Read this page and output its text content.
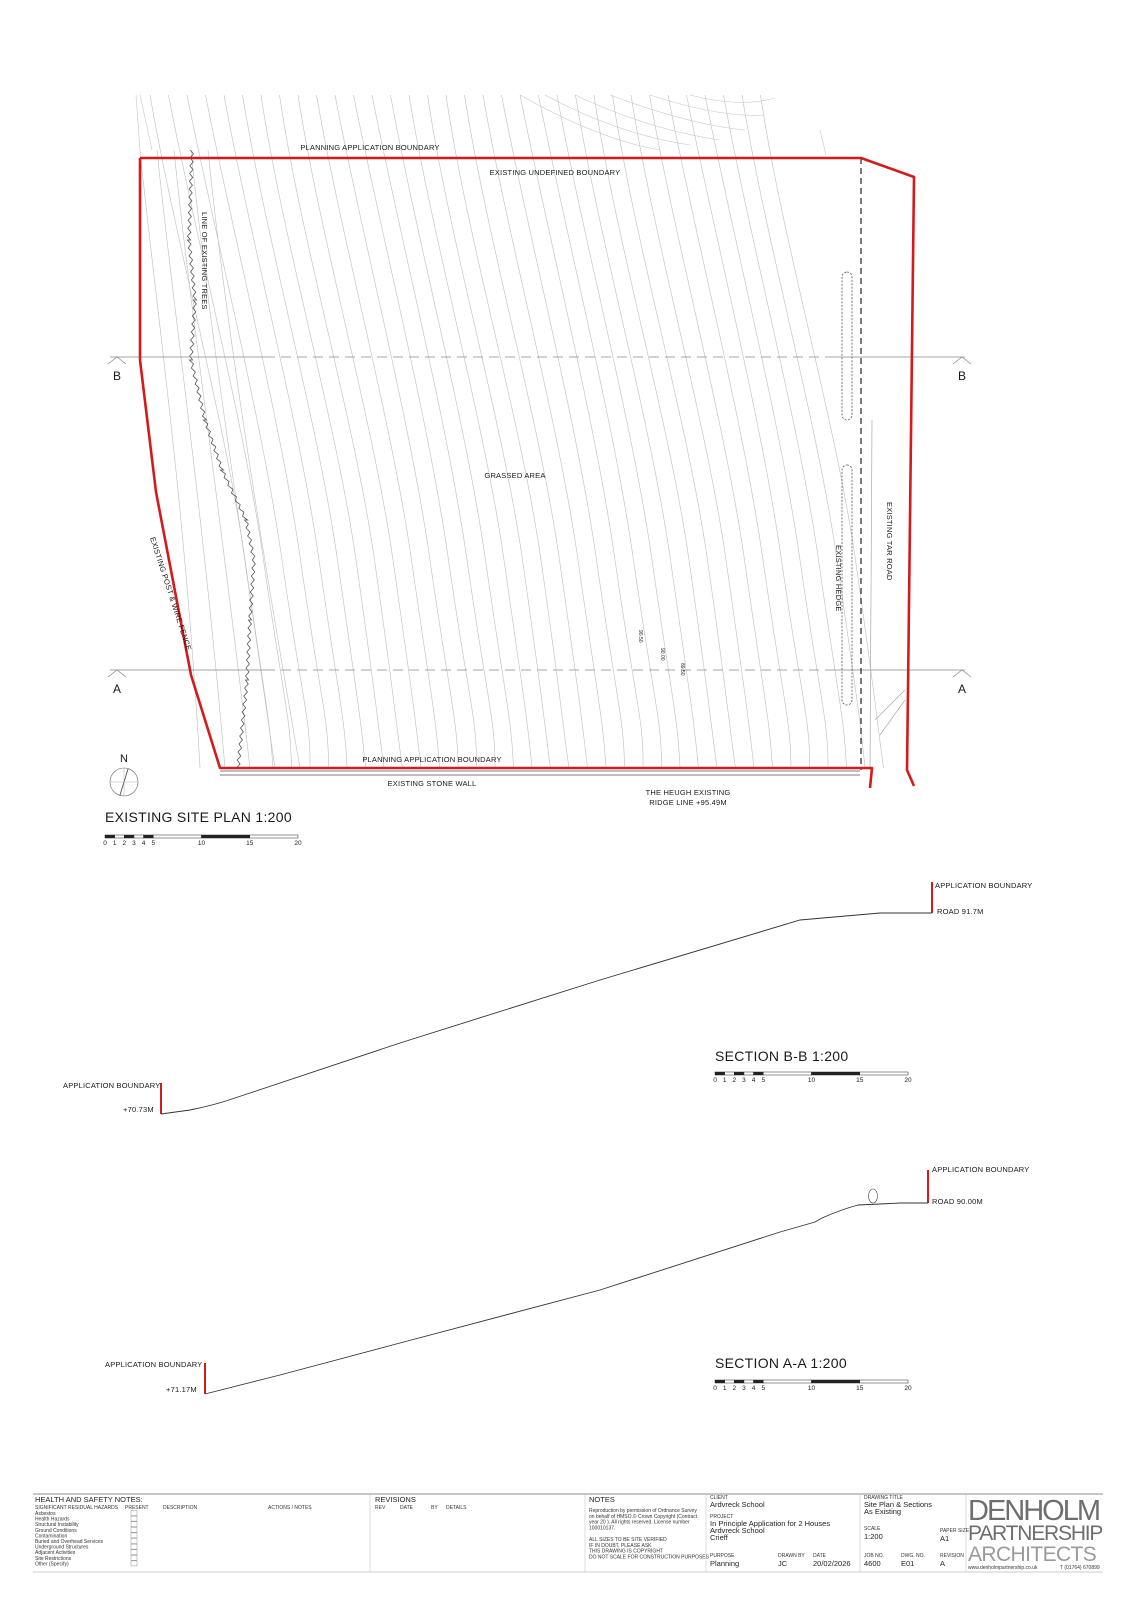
N
PLANNING APPLICATION BOUNDARY
EXISTING UNDEFINED BOUNDARY
LINE OF EXISTING TREES
GRASSED AREA
EXISTING POST & WIRE FENCE	EXISTING HEDGE	EXISTING TAR ROAD
PLANNING APPLICATION BOUNDARY
EXISTING STONE WALL
THE HEUGH EXISTING
RIDGE LINE +95.49M
B	B
A	A
90.50
90.00
89.50
EXISTING SITE PLAN 1:200
0 1 2 3 4 5	10	15	20
APPLICATION BOUNDARY
ROAD 91.7M
APPLICATION BOUNDARY
+70.73M
SECTION B-B 1:200
0 1 2 3 4 5	10	15	20
APPLICATION BOUNDARY
ROAD 90.00M
APPLICATION BOUNDARY
+71.17M
SECTION A-A 1:200
0 1 2 3 4 5	10	15	20
HEALTH AND SAFETY NOTES:
SIGNIFICANT RESIDUAL HAZARDS PRESENT	DESCRIPTION	ACTIONS / NOTES
Asbestos
Health Hazards
Structural Instability
Ground Conditions
Contamination
Buried and Overhead Services
Underground Structures
Adjacent Activities
Site Restrictions
Other (Specify)
REVISIONS
REV	DATE	BY DETAILS
NOTES
Reproduction by permission of Ordnance Survey
on behalf of HMSO.© Crown Copyright (Contract
year 20 ). All rights reserved. License number
100010137.
ALL SIZES TO BE SITE VERIFIED
IF IN DOUBT, PLEASE ASK
THIS DRAWING IS COPYRIGHT
DO NOT SCALE FOR CONSTRUCTION PURPOSES
CLIENT
Ardvreck School
PROJECT
In Principle Application for 2 Houses
Ardvreck School
Crieff
PURPOSE
Planning
DRAWN BY
JC
DATE
20/02/2026
DRAWING TITLE
Site Plan & Sections
As Existing
SCALE
1:200
PAPER SIZE
A1
JOB NO.
4600
DWG. NO.
E01
REVISION
A
DENHOLM
PARTNERSHIP
ARCHITECTS
www.denholmpartnership.co.uk	T (01764) 670899
